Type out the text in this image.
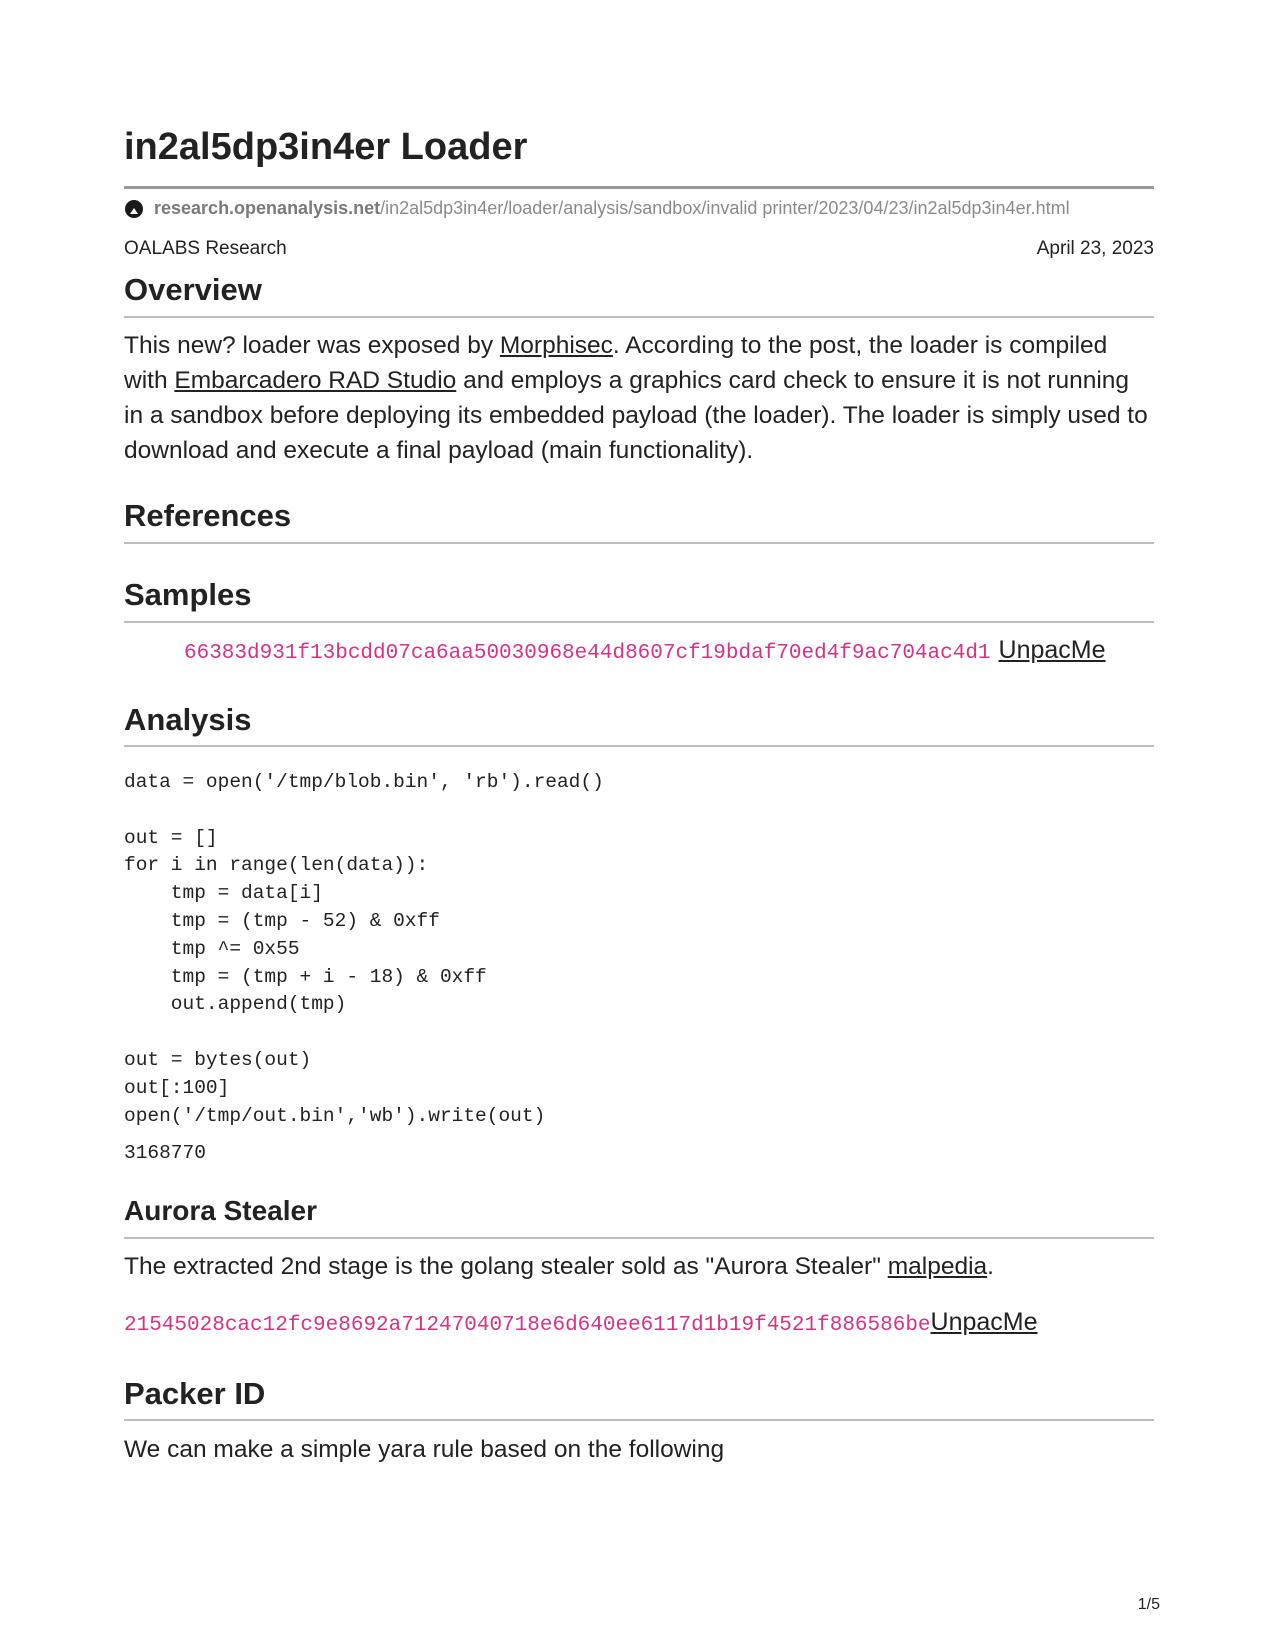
in2al5dp3in4er Loader
research.openanalysis.net /in2al5dp3in4er/loader/analysis/sandbox/invalid printer/2023/04/23/in2al5dp3in4er.html
OALABS Research	April 23, 2023
Overview

This new? loader was exposed by Morphisec. According to the post, the loader is compiled with Embarcadero RAD Studio and employs a graphics card check to ensure it is not running in a sandbox before deploying its embedded payload (the loader). The loader is simply used to download and execute a final payload (main functionality).

References
Samples
66383d931f13bcdd07ca6aa50030968e44d8607cf19bdaf70ed4f9ac704ac4d1 UnpacMe
Analysis
data = open('/tmp/blob.bin', 'rb').read()

out = []
for i in range(len(data)):
tmp = data[i]
tmp = (tmp - 52) & 0xff
tmp ^= 0x55
tmp = (tmp + i - 18) & 0xff
out.append(tmp)

out = bytes(out)
out[:100]
open('/tmp/out.bin','wb').write(out)
3168770
Aurora Stealer

The extracted 2nd stage is the golang stealer sold as "Aurora Stealer" malpedia.

21545028cac12fc9e8692a71247040718e6d640ee6117d1b19f4521f886586be UnpacMe
Packer ID

We can make a simple yara rule based on the following

1/5
